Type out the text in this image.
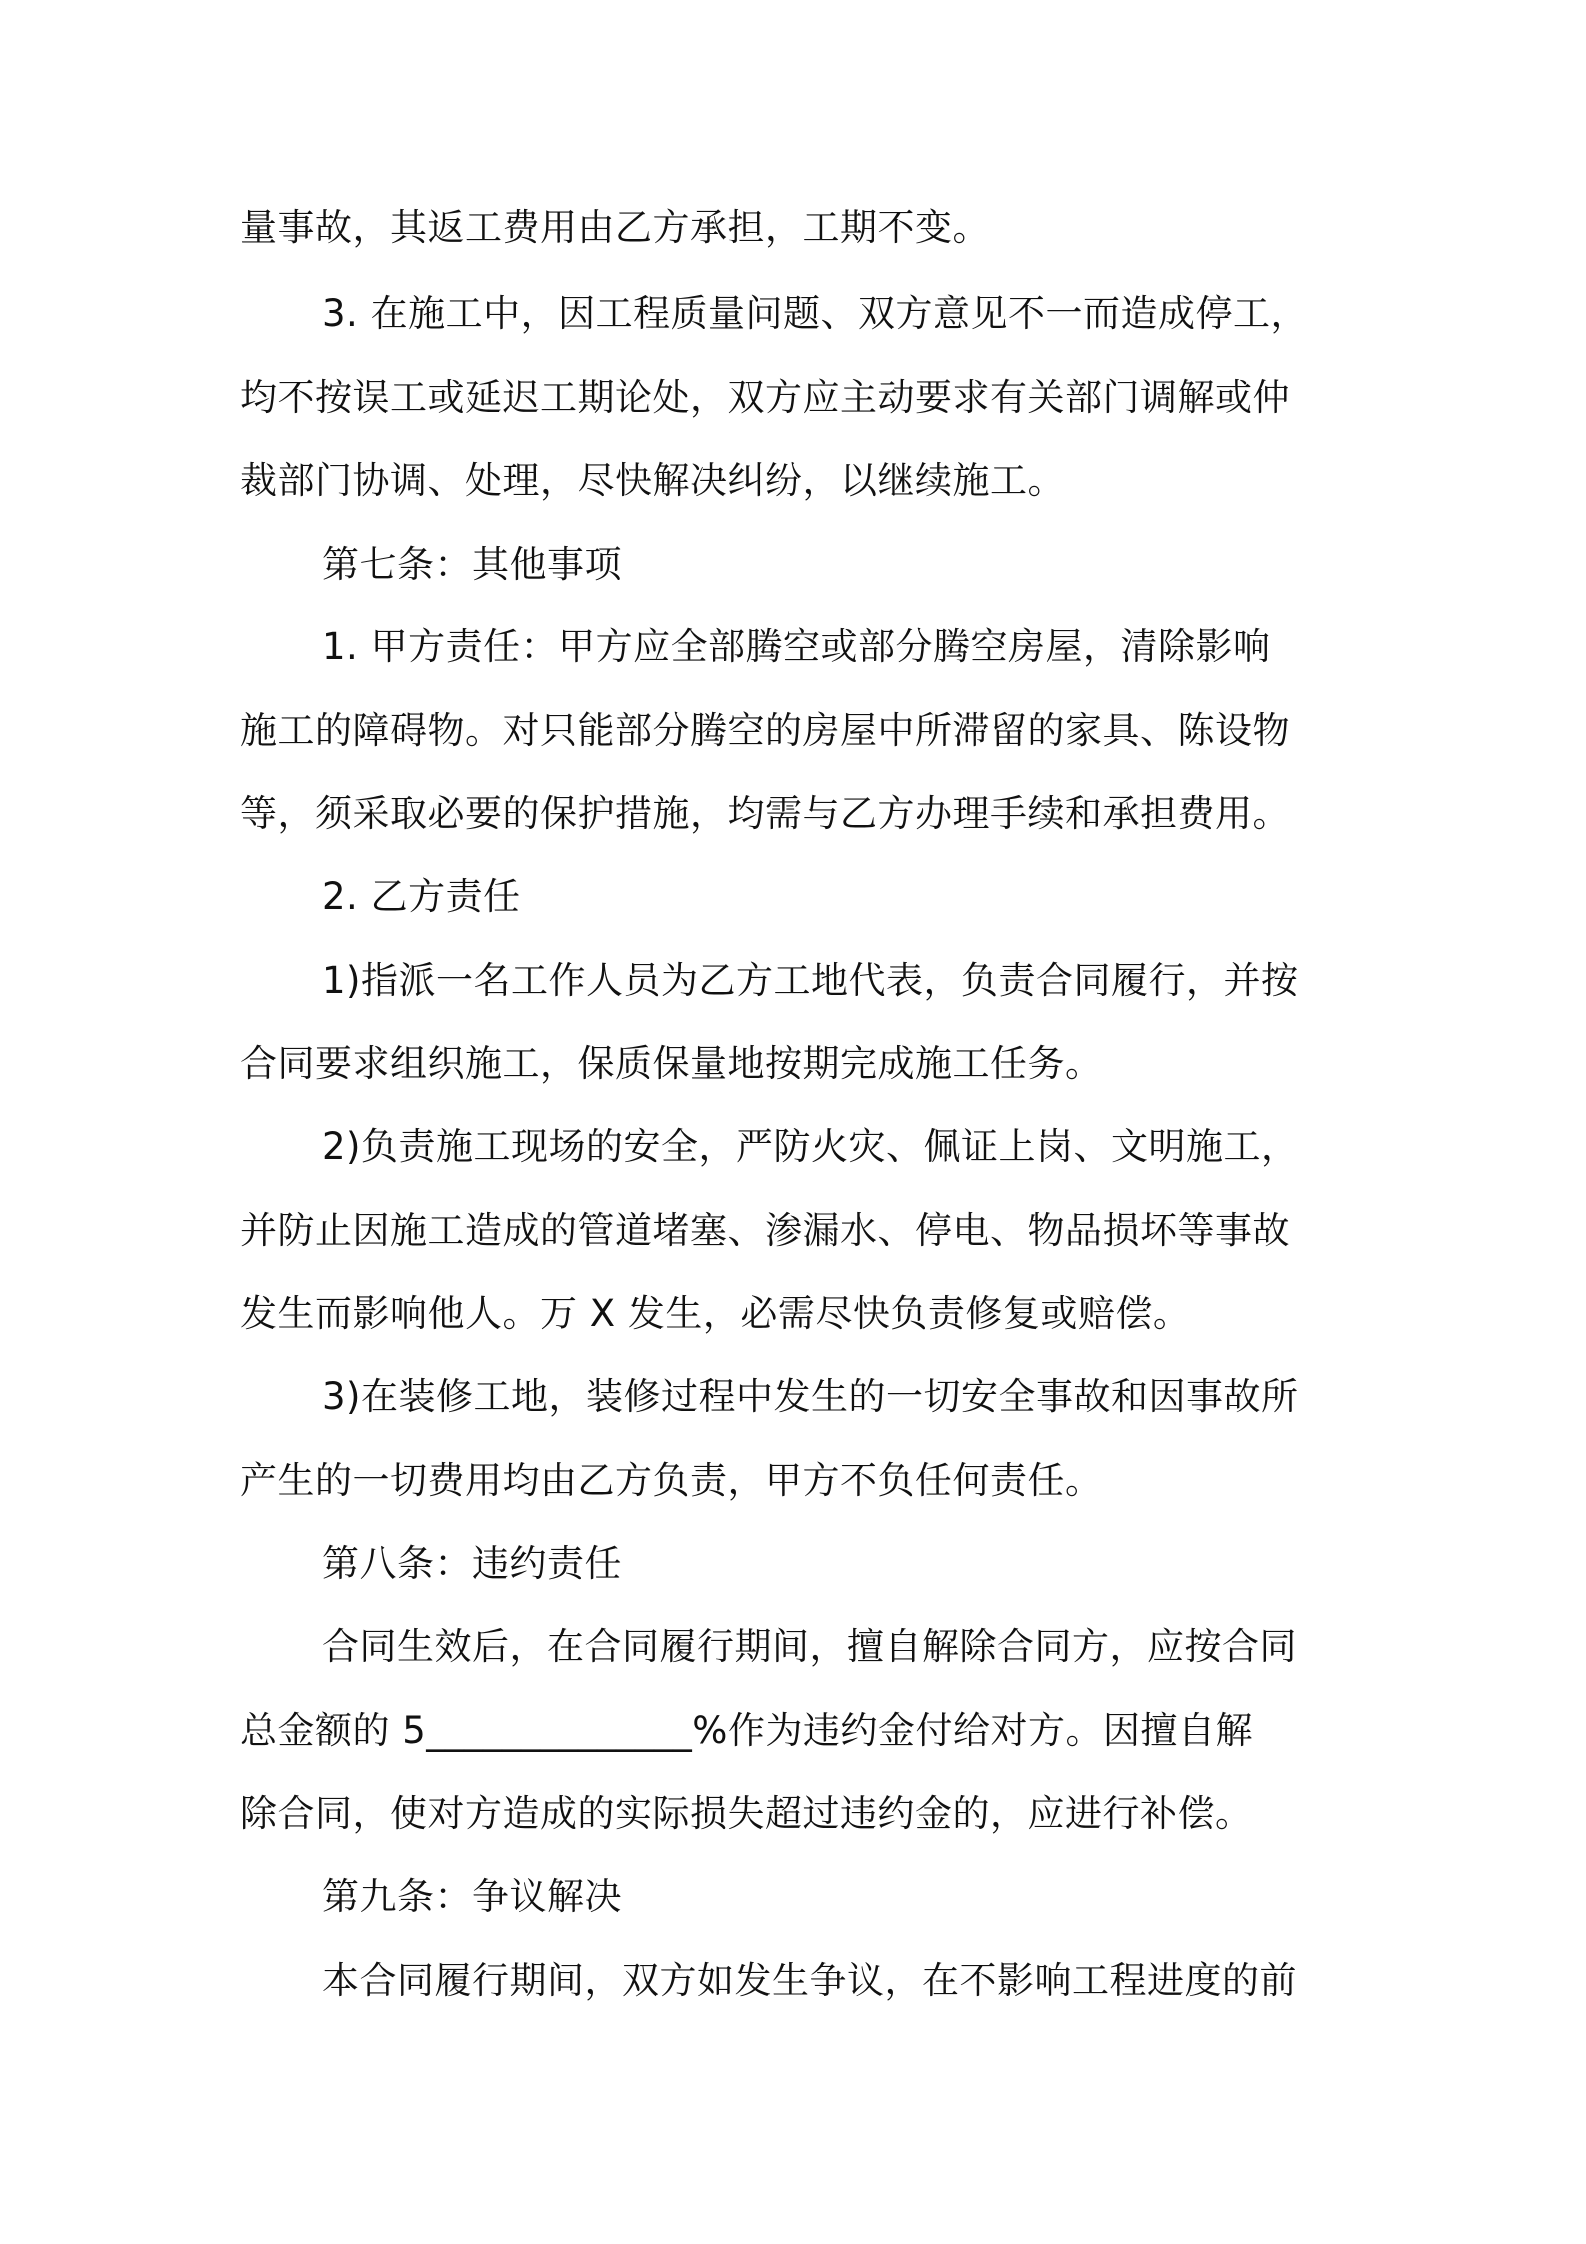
量事故，其返工费用由乙方承担，工期不变。
3. 在施工中，因工程质量问题、双方意见不一而造成停工，
均不按误工或延迟工期论处，双方应主动要求有关部门调解或仲
裁部门协调、处理，尽快解决纠纷，以继续施工。
第七条：其他事项
1. 甲方责任：甲方应全部腾空或部分腾空房屋，清除影响
施工的障碍物。对只能部分腾空的房屋中所滞留的家具、陈设物
等，须采取必要的保护措施，均需与乙方办理手续和承担费用。
2. 乙方责任
1)指派一名工作人员为乙方工地代表，负责合同履行，并按
合同要求组织施工，保质保量地按期完成施工任务。
2)负责施工现场的安全，严防火灾、佩证上岗、文明施工，
并防止因施工造成的管道堵塞、渗漏水、停电、物品损坏等事故
发生而影响他人。万 X 发生，必需尽快负责修复或赔偿。
3)在装修工地，装修过程中发生的一切安全事故和因事故所
产生的一切费用均由乙方负责，甲方不负任何责任。
第八条：违约责任
合同生效后，在合同履行期间，擅自解除合同方，应按合同
总金额的 5______________%作为违约金付给对方。因擅自解
除合同，使对方造成的实际损失超过违约金的，应进行补偿。
第九条：争议解决
本合同履行期间，双方如发生争议，在不影响工程进度的前
